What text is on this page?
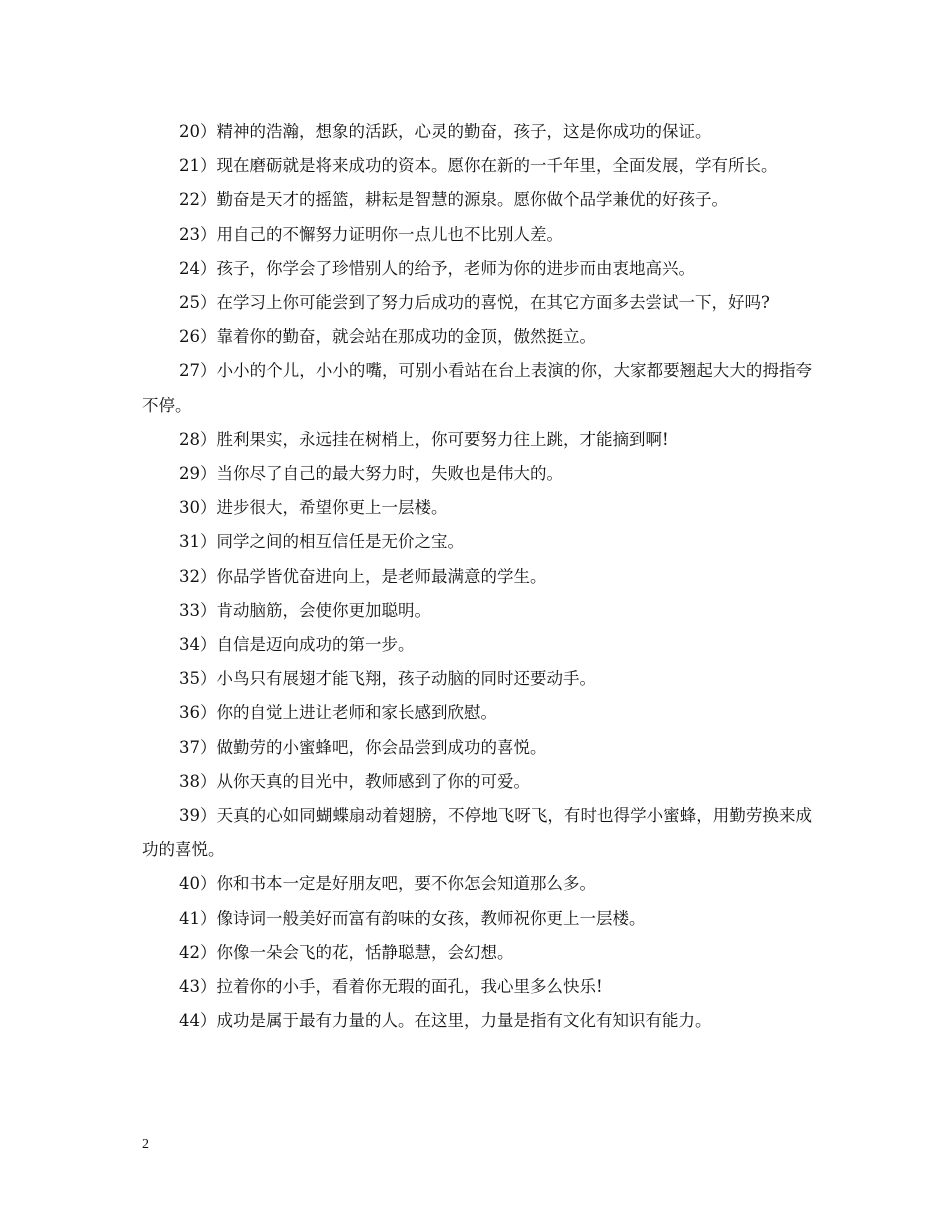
20）精神的浩瀚，想象的活跃，心灵的勤奋，孩子，这是你成功的保证。

21）现在磨砺就是将来成功的资本。愿你在新的一千年里，全面发展，学有所长。

22）勤奋是天才的摇篮，耕耘是智慧的源泉。愿你做个品学兼优的好孩子。

23）用自己的不懈努力证明你一点儿也不比别人差。

24）孩子，你学会了珍惜别人的给予，老师为你的进步而由衷地高兴。

25）在学习上你可能尝到了努力后成功的喜悦，在其它方面多去尝试一下，好吗?

26）靠着你的勤奋，就会站在那成功的金顶，傲然挺立。

27）小小的个儿，小小的嘴，可别小看站在台上表演的你，大家都要翘起大大的拇指夸不停。

28）胜利果实，永远挂在树梢上，你可要努力往上跳，才能摘到啊!

29）当你尽了自己的最大努力时，失败也是伟大的。

30）进步很大，希望你更上一层楼。

31）同学之间的相互信任是无价之宝。

32）你品学皆优奋进向上，是老师最满意的学生。

33）肯动脑筋，会使你更加聪明。

34）自信是迈向成功的第一步。

35）小鸟只有展翅才能飞翔，孩子动脑的同时还要动手。

36）你的自觉上进让老师和家长感到欣慰。

37）做勤劳的小蜜蜂吧，你会品尝到成功的喜悦。

38）从你天真的目光中，教师感到了你的可爱。

39）天真的心如同蝴蝶扇动着翅膀，不停地飞呀飞，有时也得学小蜜蜂，用勤劳换来成功的喜悦。

40）你和书本一定是好朋友吧，要不你怎会知道那么多。

41）像诗词一般美好而富有韵味的女孩，教师祝你更上一层楼。

42）你像一朵会飞的花，恬静聪慧，会幻想。

43）拉着你的小手，看着你无瑕的面孔，我心里多么快乐!

44）成功是属于最有力量的人。在这里，力量是指有文化有知识有能力。

2
